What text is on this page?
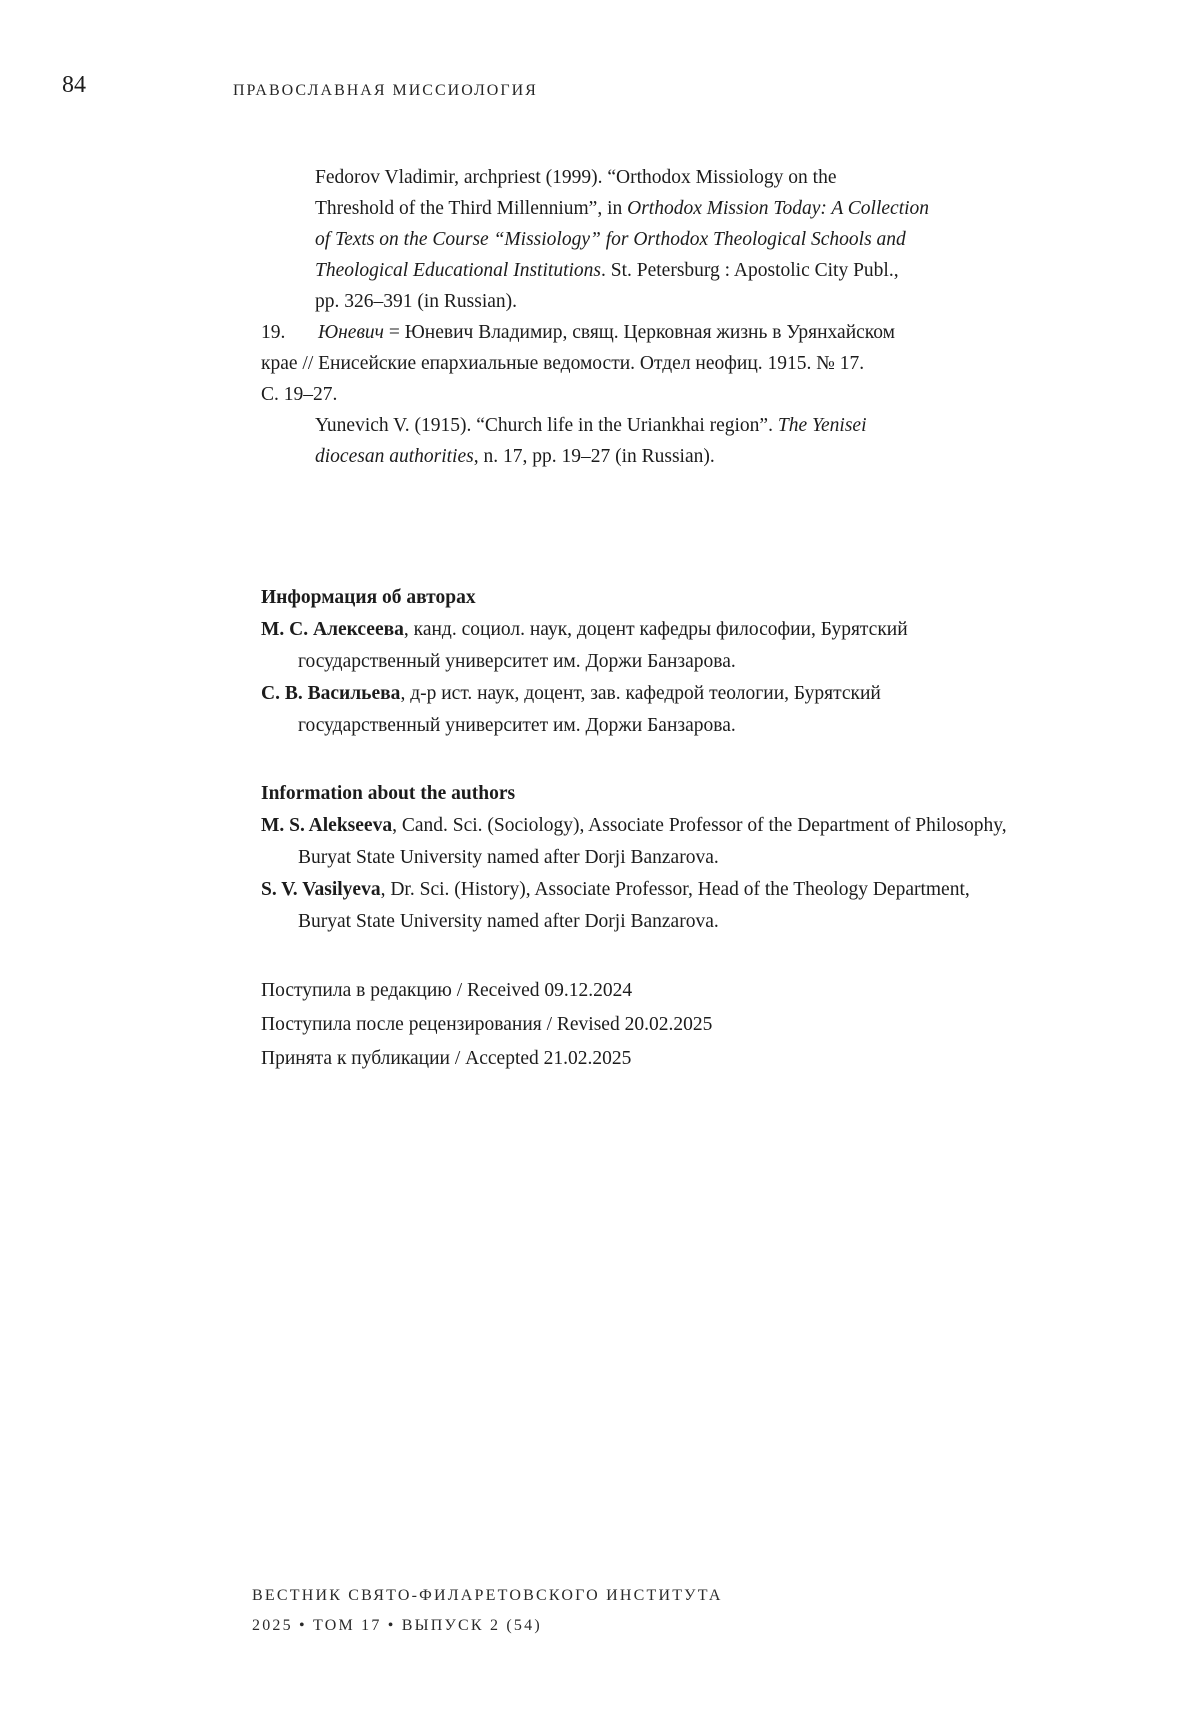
84	ПРАВОСЛАВНАЯ МИССИОЛОГИЯ
Fedorov Vladimir, archpriest (1999). “Orthodox Missiology on the
Threshold of the Third Millennium”, in Orthodox Mission Today: A Collection
of Texts on the Course “Missiology” for Orthodox Theological Schools and
Theological Educational Institutions. St. Petersburg : Apostolic City Publ.,
pp. 326–391 (in Russian).
19. Юневич = Юневич Владимир, свящ. Церковная жизнь в Урянхайском
крае // Енисейские епархиальные ведомости. Отдел неофиц. 1915. № 17.
С. 19–27.
Yunevich V. (1915). “Church life in the Uriankhai region”. The Yenisei
diocesan authorities, n. 17, pp. 19–27 (in Russian).
Информация об авторах
М. С. Алексеева, канд. социол. наук, доцент кафедры философии, Бурятский
государственный университет им. Доржи Банзарова.
С. В. Васильева, д-р ист. наук, доцент, зав. кафедрой теологии, Бурятский
государственный университет им. Доржи Банзарова.
Information about the authors
M. S. Alekseeva, Cand. Sci. (Sociology), Associate Professor of the Department of Philosophy,
Buryat State University named after Dorji Banzarova.
S. V. Vasilyeva, Dr. Sci. (History), Associate Professor, Head of the Theology Department,
Buryat State University named after Dorji Banzarova.
Поступила в редакцию / Received 09.12.2024
Поступила после рецензирования / Revised 20.02.2025
Принята к публикации / Accepted 21.02.2025
ВЕСТНИК СВЯТО-ФИЛАРЕТОВСКОГО ИНСТИТУТА
2025 • ТОМ 17 • ВЫПУСК 2 (54)
